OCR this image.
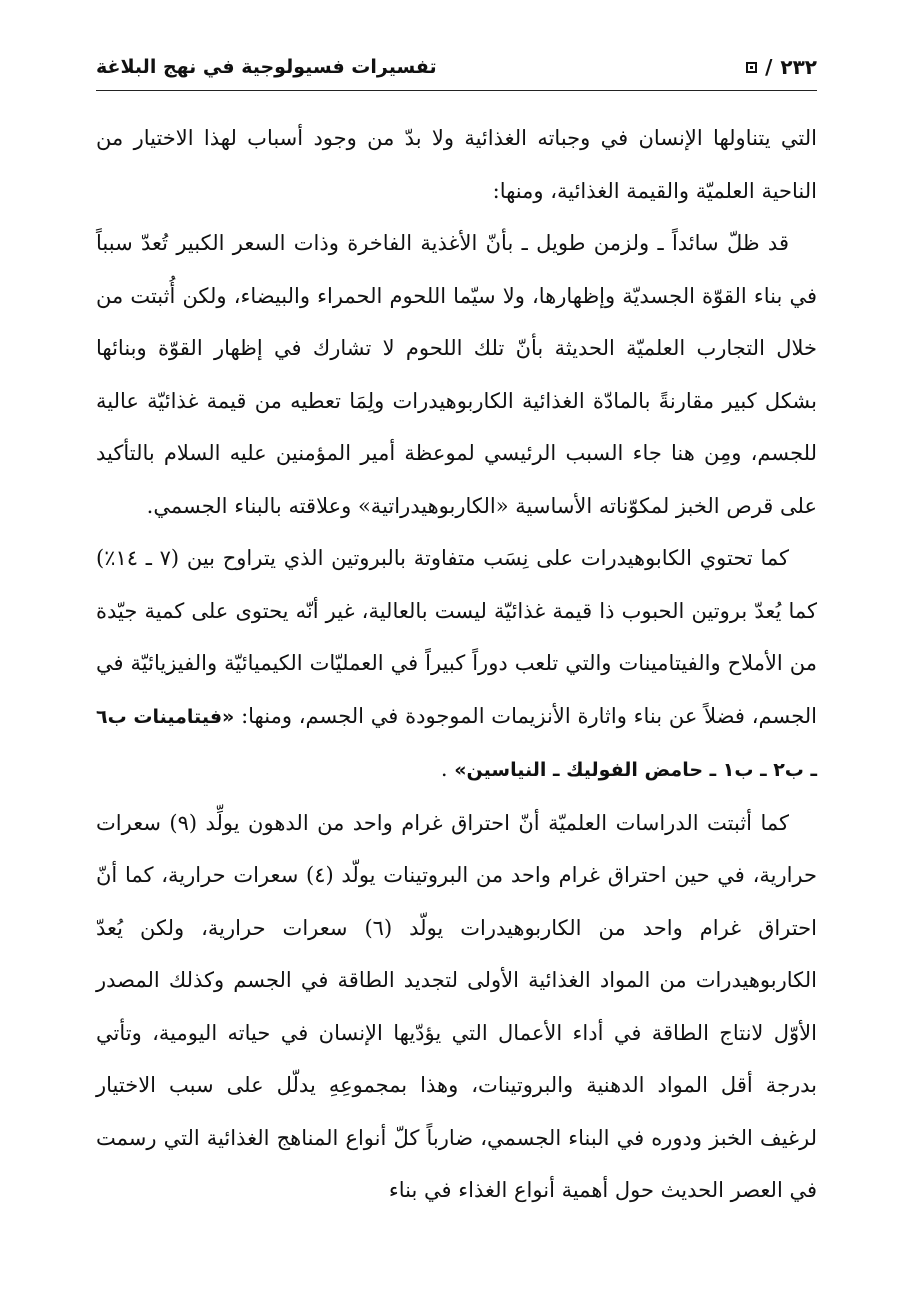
٢٣٢
/
تفسيرات فسيولوجية في نهج البلاغة

التي يتناولها الإنسان في وجباته الغذائية ولا بدّ من وجود أسباب لهذا الاختيار من الناحية العلميّة والقيمة الغذائية، ومنها:

قد ظلّ سائداً ـ ولزمن طويل ـ بأنّ الأغذية الفاخرة وذات السعر الكبير تُعدّ سبباً في بناء القوّة الجسديّة وإظهارها، ولا سيّما اللحوم الحمراء والبيضاء، ولكن أُثبتت من خلال التجارب العلميّة الحديثة بأنّ تلك اللحوم لا تشارك في إظهار القوّة وبنائها بشكل كبير مقارنةً بالمادّة الغذائية الكاربوهيدرات ولِمَا تعطيه من قيمة غذائيّة عالية للجسم، ومِن هنا جاء السبب الرئيسي لموعظة أمير المؤمنين عليه السلام بالتأكيد على قرص الخبز لمكوّناته الأساسية «الكاربوهيدراتية» وعلاقته بالبناء الجسمي.

كما تحتوي الكابوهيدرات على نِسَب متفاوتة بالبروتين الذي يتراوح بين (٧ ـ ١٤٪) كما يُعدّ بروتين الحبوب ذا قيمة غذائيّة ليست بالعالية، غير أنّه يحتوى على كمية جيّدة من الأملاح والفيتامينات والتي تلعب دوراً كبيراً في العمليّات الكيميائيّة والفيزيائيّة في الجسم، فضلاً عن بناء واثارة الأنزيمات الموجودة في الجسم، ومنها: «فيتامينات ب٦ ـ ب٢ ـ ب١ ـ حامض الفوليك ـ النياسين» .

كما أثبتت الدراسات العلميّة أنّ احتراق غرام واحد من الدهون يولِّد (٩) سعرات حرارية، في حين احتراق غرام واحد من البروتينات يولّد (٤) سعرات حرارية، كما أنّ احتراق غرام واحد من الكاربوهيدرات يولّد (٦) سعرات حرارية، ولكن يُعدّ الكاربوهيدرات من المواد الغذائية الأولى لتجديد الطاقة في الجسم وكذلك المصدر الأوّل لانتاج الطاقة في أداء الأعمال التي يؤدّيها الإنسان في حياته اليومية، وتأتي بدرجة أقل المواد الدهنية والبروتينات، وهذا بمجموعِهِ يدلّل على سبب الاختيار لرغيف الخبز ودوره في البناء الجسمي، ضارباً كلّ أنواع المناهج الغذائية التي رسمت في العصر الحديث حول أهمية أنواع الغذاء في بناء
